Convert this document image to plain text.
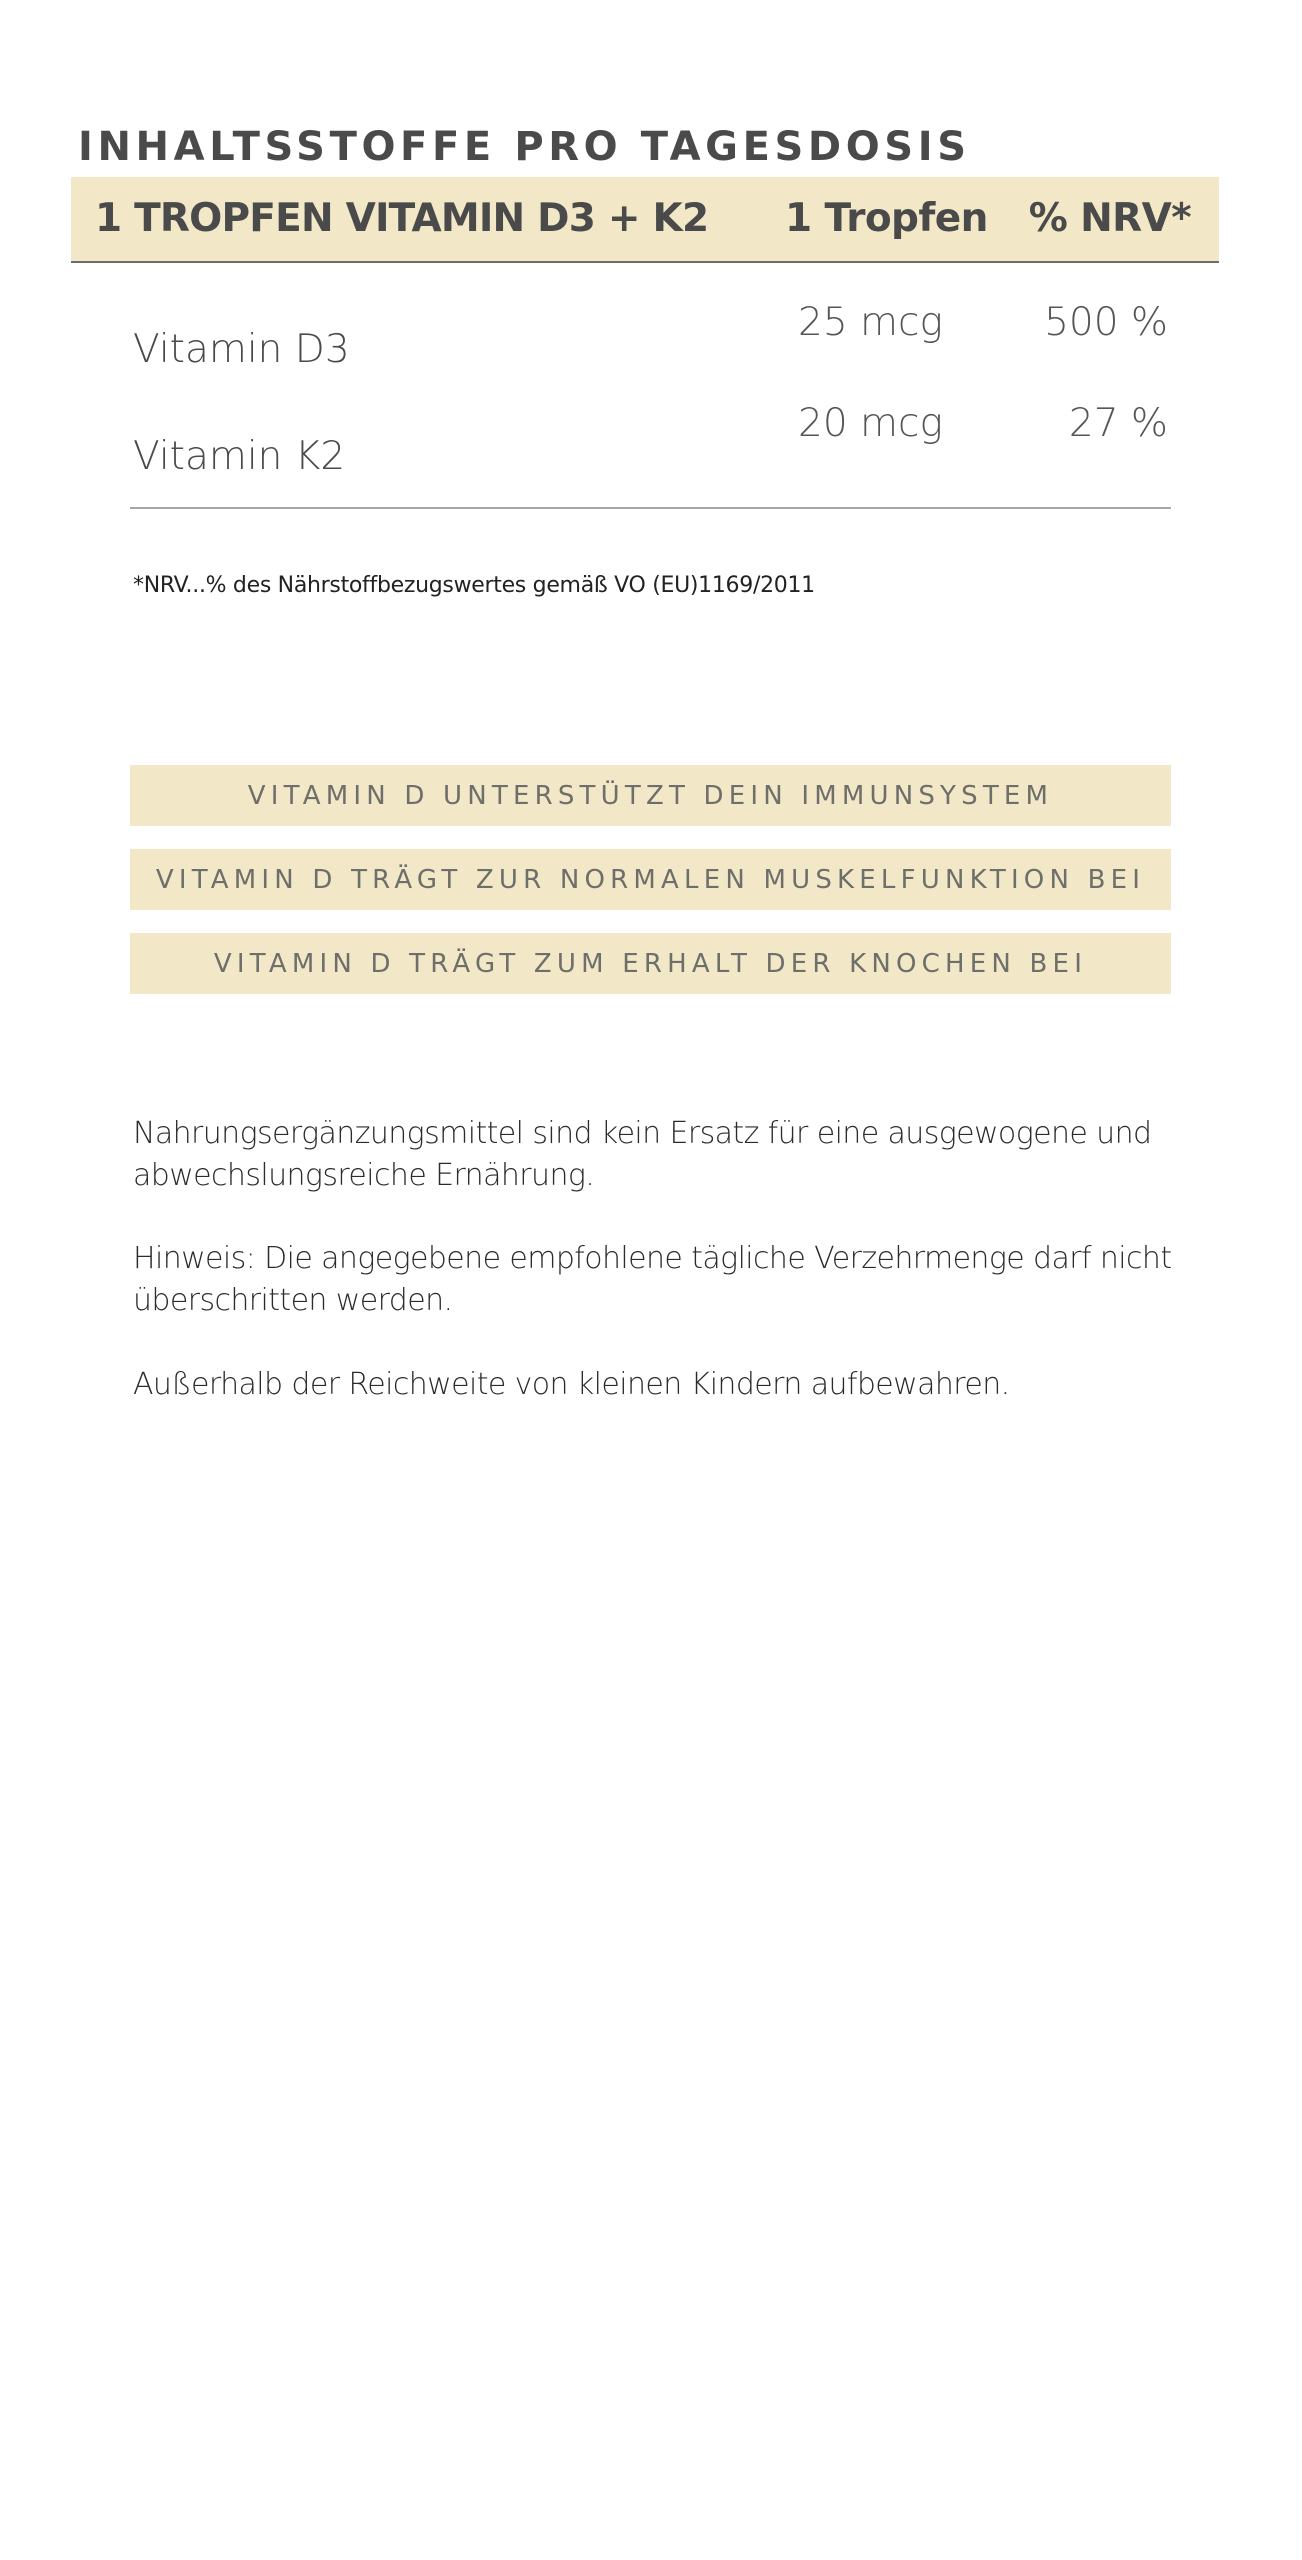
INHALTSSTOFFE PRO TAGESDOSIS
1 TROPFEN VITAMIN D3 + K2 1 Tropfen % NRV*
Vitamin D3
25 mcg	500 %
Vitamin K2
20 mcg	27 %

*NRV...% des Nährstoffbezugswertes gemäß VO (EU)1169/2011

VITAMIN D UNTERSTÜTZT DEIN IMMUNSYSTEM
VITAMIN D TRÄGT ZUR NORMALEN MUSKELFUNKTION BEI
VITAMIN D TRÄGT ZUM ERHALT DER KNOCHEN BEI

Nahrungsergänzungsmittel sind kein Ersatz für eine ausgewogene und abwechslungsreiche Ernährung.

Hinweis: Die angegebene empfohlene tägliche Verzehrmenge darf nicht überschritten werden.

Außerhalb der Reichweite von kleinen Kindern aufbewahren.
